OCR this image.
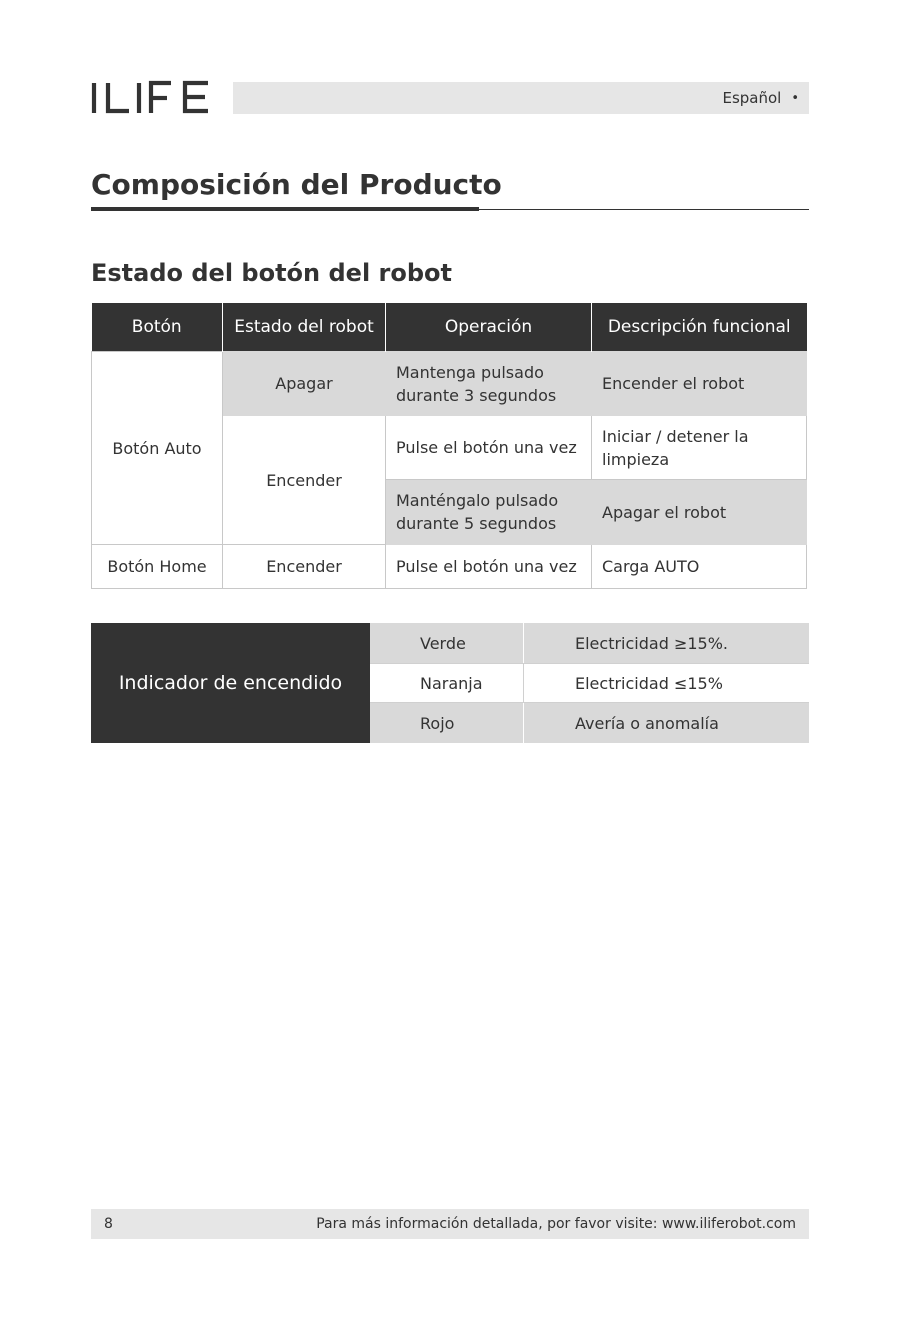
ILIFE
Español •
Composición del Producto
Estado del botón del robot
Botón	Estado del robot	Operación	Descripción funcional
Botón Auto	Apagar	Mantenga pulsado durante 3 segundos	Encender el robot
	Encender	Pulse el botón una vez	Iniciar / detener la limpieza
		Manténgalo pulsado durante 5 segundos	Apagar el robot
Botón Home	Encender	Pulse el botón una vez	Carga AUTO
Indicador de encendido
Verde	Electricidad ≥15%.
Naranja	Electricidad ≤15%
Rojo	Avería o anomalía
8	Para más información detallada, por favor visite: www.iliferobot.com
